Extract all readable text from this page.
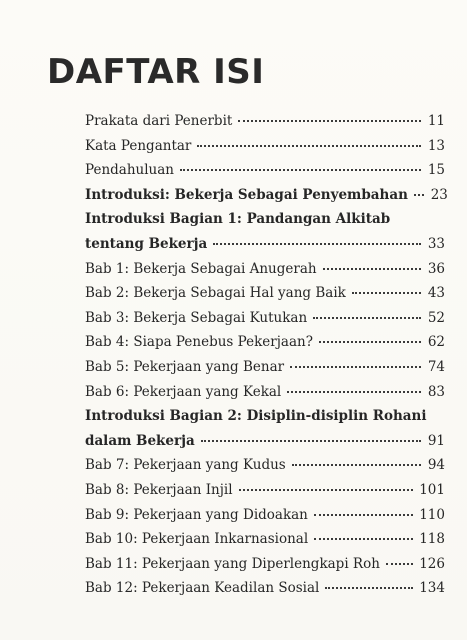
DAFTAR ISI
Prakata dari Penerbit	11
Kata Pengantar	13
Pendahuluan	15
Introduksi: Bekerja Sebagai Penyembahan 23
Introduksi Bagian 1: Pandangan Alkitab
tentang Bekerja	33
Bab 1: Bekerja Sebagai Anugerah	36
Bab 2: Bekerja Sebagai Hal yang Baik	43
Bab 3: Bekerja Sebagai Kutukan	52
Bab 4: Siapa Penebus Pekerjaan?	62
Bab 5: Pekerjaan yang Benar	74
Bab 6: Pekerjaan yang Kekal	83
Introduksi Bagian 2: Disiplin-disiplin Rohani
dalam Bekerja	91
Bab 7: Pekerjaan yang Kudus	94
Bab 8: Pekerjaan Injil	101
Bab 9: Pekerjaan yang Didoakan	110
Bab 10: Pekerjaan Inkarnasional	118
Bab 11: Pekerjaan yang Diperlengkapi Roh	126
Bab 12: Pekerjaan Keadilan Sosial	134
